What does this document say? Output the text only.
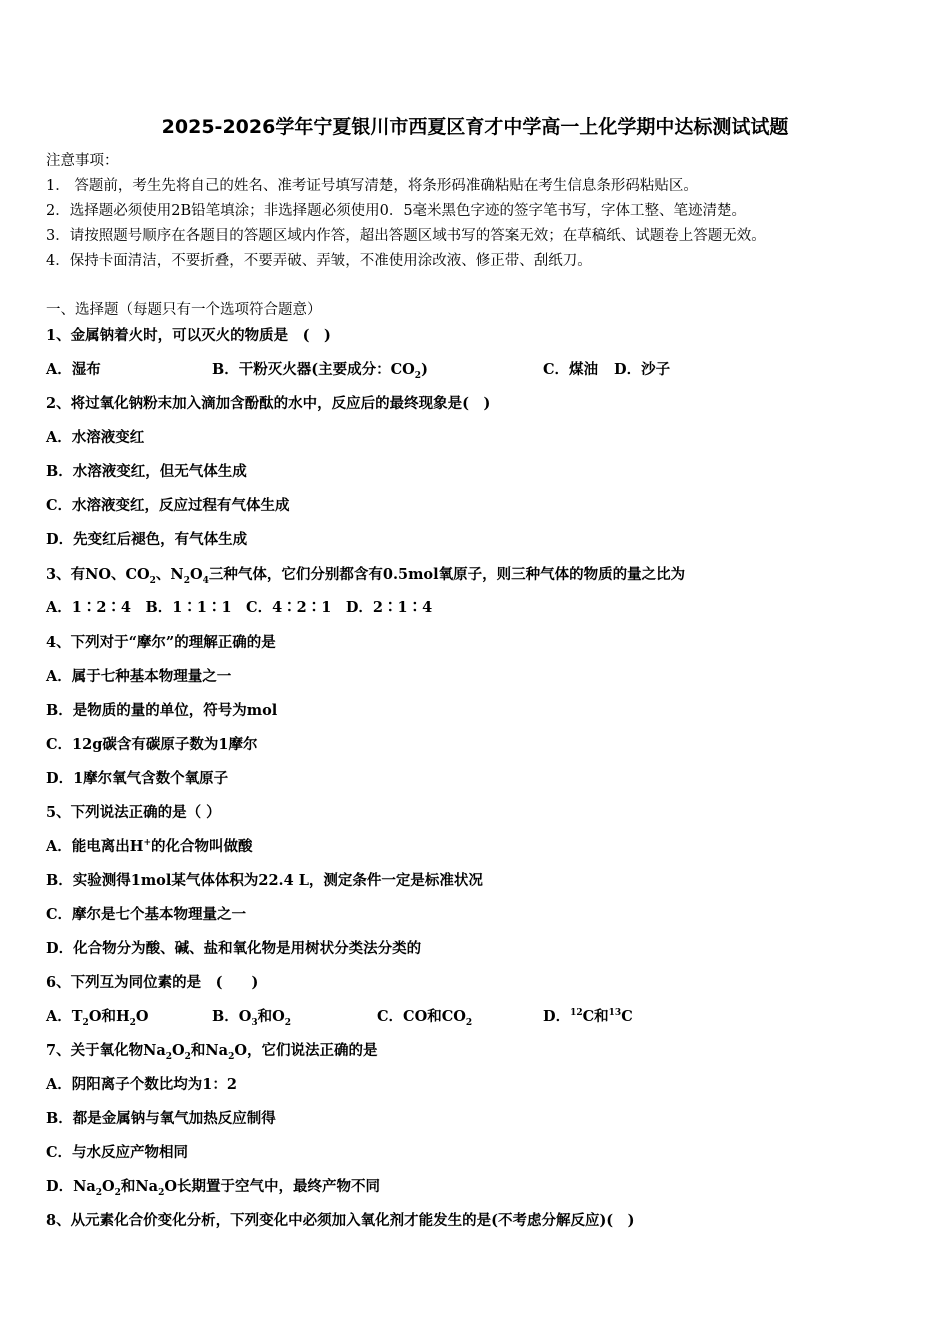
2025-2026学年宁夏银川市西夏区育才中学高一上化学期中达标测试试题
注意事项：
1． 答题前，考生先将自己的姓名、准考证号填写清楚，将条形码准确粘贴在考生信息条形码粘贴区。
2．选择题必须使用2B铅笔填涂；非选择题必须使用0．5毫米黑色字迹的签字笔书写，字体工整、笔迹清楚。
3．请按照题号顺序在各题目的答题区域内作答，超出答题区域书写的答案无效；在草稿纸、试题卷上答题无效。
4．保持卡面清洁，不要折叠，不要弄破、弄皱，不准使用涂改液、修正带、刮纸刀。
一、选择题（每题只有一个选项符合题意）
1、金属钠着火时，可以灭火的物质是　(　)
A．湿布	B．干粉灭火器(主要成分：$CO_2$)	C．煤油 D．沙子
2、将过氧化钠粉末加入滴加含酚酞的水中，反应后的最终现象是(　)
A．水溶液变红
B．水溶液变红，但无气体生成
C．水溶液变红，反应过程有气体生成
D．先变红后褪色，有气体生成
3、有NO、$CO_2$、$N_2O_4$三种气体，它们分别都含有0.5mol氧原子，则三种气体的物质的量之比为
A．1∶2∶4　B．1∶1∶1　C．4∶2∶1　D．2∶1∶4
4、下列对于“摩尔”的理解正确的是
A．属于七种基本物理量之一
B．是物质的量的单位，符号为mol
C．12g碳含有碳原子数为1摩尔
D．1摩尔氧气含数个氧原子
5、下列说法正确的是（ ）
A．能电离出H+的化合物叫做酸
B．实验测得1mol某气体体积为22.4 L，测定条件一定是标准状况
C．摩尔是七个基本物理量之一
D．化合物分为酸、碱、盐和氧化物是用树状分类法分类的
6、下列互为同位素的是　(　　)
A．$T_2O$和$H_2O$	B．$O_3$和$O_2$	C．CO和$CO_2$	D．$^{12}$C和$^{13}$C
7、关于氧化物$Na_2O_2$和$Na_2O$，它们说法正确的是
A．阴阳离子个数比均为1：2
B．都是金属钠与氧气加热反应制得
C．与水反应产物相同
D．$Na_2O_2$和$Na_2O$长期置于空气中，最终产物不同
8、从元素化合价变化分析，下列变化中必须加入氧化剂才能发生的是(不考虑分解反应)(　)
